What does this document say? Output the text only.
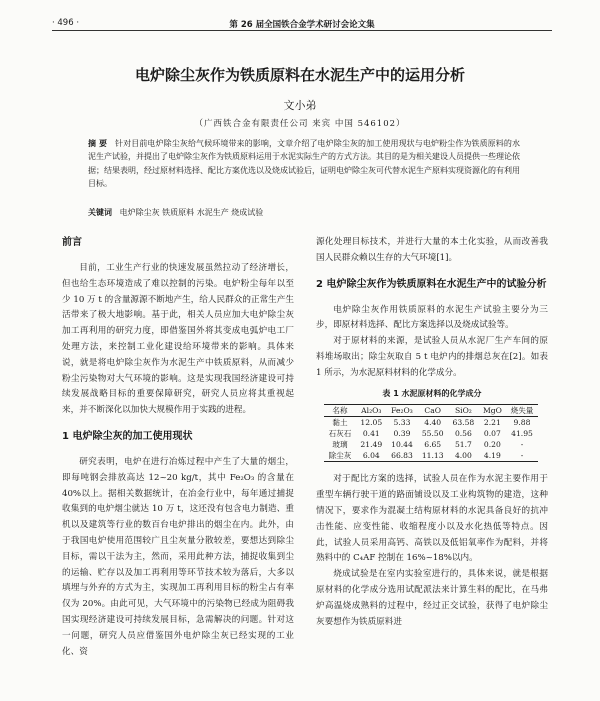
· 496 ·	第 26 届全国铁合金学术研讨会论文集
电炉除尘灰作为铁质原料在水泥生产中的运用分析
文小弟
（广西铁合金有限责任公司 来宾 中国 546102）
摘 要 针对目前电炉除尘灰给气候环境带来的影响，文章介绍了电炉除尘灰的加工使用现状与电炉粉尘作为铁质原料的水泥生产试验，并提出了电炉除尘灰作为铁质原料运用于水泥实际生产的方式方法。其目的是为相关建设人员提供一些理论依据；结果表明，经过原材料选择、配比方案优选以及烧成试验后，证明电炉除尘灰可代替水泥生产原料实现资源化的有利用目标。
关键词 电炉除尘灰 铁质原料 水泥生产 烧成试验
前言

目前，工业生产行业的快速发展虽然拉动了经济增长，但也给生态环境造成了难以控制的污染。电炉粉尘每年以至少 10 万 t 的含量源源不断地产生，给人民群众的正常生产生活带来了极大地影响。基于此，相关人员应加大电炉除尘灰加工再利用的研究力度，即借鉴国外将其变成电弧炉电工厂处理方法，来控制工业化建设给环境带来的影响。具体来说，就是将电炉除尘灰作为水泥生产中铁质原料，从而减少粉尘污染物对大气环境的影响。这是实现我国经济建设可持续发展战略目标的重要保障研究，研究人员应将其重视起来，并不断深化以加快大规模作用于实践的进程。

1 电炉除尘灰的加工使用现状

研究表明，电炉在进行冶炼过程中产生了大量的烟尘，即每吨钢会排放高达 12~20 kg/t，其中 Fe₂O₃ 的含量在 40%以上。据相关数据统计，在冶金行业中，每年通过捕捉收集到的电炉烟尘就达 10 万 t，这还没有包含电力制造、重机以及建筑等行业的数百台电炉排出的烟尘在内。此外，由于我国电炉使用范围较广且尘灰量分散较差，要想达到除尘目标，需以干法为主，然而，采用此种方法，捕捉收集到尘的运输、贮存以及加工再利用等环节技术较为落后，大多以填埋与外弃的方式为主，实现加工再利用目标的粉尘占有率仅为 20%。由此可见，大气环境中的污染物已经成为阻碍我国实现经济建设可持续发展目标，急需解决的问题。针对这一问题，研究人员应借鉴国外电炉除尘灰已经实现的工业化、资

源化处理目标技术，并进行大量的本土化实验，从而改善我国人民群众赖以生存的大气环境[1]。

2 电炉除尘灰作为铁质原料在水泥生产中的试验分析

电炉除尘灰作用铁质原料的水泥生产试验主要分为三步，即原材料选择、配比方案选择以及烧成试验等。

对于原材料的来源，是试验人员从水泥厂生产车间的原料堆场取出；除尘灰取自 5 t 电炉内的排烟总灰在[2]。如表 1 所示，为水泥原料材料的化学成分。

表 1 水泥原材料的化学成分
名称	Al₂O₃	Fe₂O₃	CaO	SiO₂	MgO	烧失量
黏土	12.05	5.33	4.40	63.58	2.21	9.88
石灰石	0.41	0.39	55.50	0.56	0.07	41.95
玻璃	21.49	10.44	6.65	51.7	0.20	-
除尘灰	6.04	66.83	11.13	4.00	4.19	-

对于配比方案的选择，试验人员在作为水泥主要作用于重型车辆行驶干道的路面铺设以及工业构筑物的建造，这种情况下，要求作为混凝土结构原材料的水泥具备良好的抗冲击性能、应变性能、收缩程度小以及水化热低等特点。因此，试验人员采用高钙、高铁以及低铝氧率作为配料，并将熟料中的 C₄AF 控制在 16%~18%以内。

烧成试验是在室内实验室进行的，具体来说，就是根据原材料的化学成分选用试配派法来计算生料的配比，在马弗炉高温烧成熟料的过程中，经过正交试验，获得了电炉除尘灰要想作为铁质原料进
